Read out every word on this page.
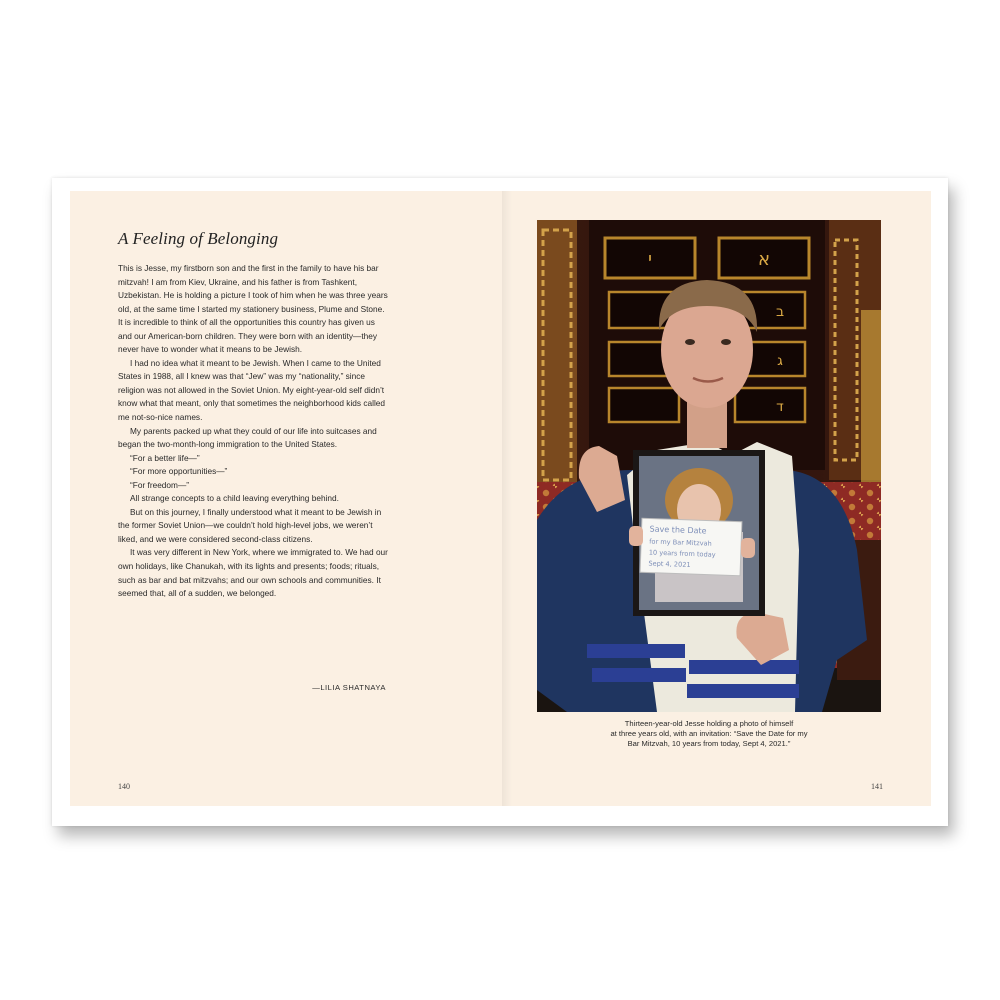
A Feeling of Belonging

This is Jesse, my firstborn son and the first in the family to have his bar mitzvah! I am from Kiev, Ukraine, and his father is from Tashkent, Uzbekistan. He is holding a picture I took of him when he was three years old, at the same time I started my stationery business, Plume and Stone. It is incredible to think of all the opportunities this country has given us and our American-born children. They were born with an identity—they never have to wonder what it means to be Jewish.

I had no idea what it meant to be Jewish. When I came to the United States in 1988, all I knew was that “Jew” was my “nationality,” since religion was not allowed in the Soviet Union. My eight-year-old self didn’t know what that meant, only that sometimes the neighborhood kids called me not-so-nice names.

My parents packed up what they could of our life into suitcases and began the two-month-long immigration to the United States.

“For a better life—”

“For more opportunities—”

“For freedom—”

All strange concepts to a child leaving everything behind.

But on this journey, I finally understood what it meant to be Jewish in the former Soviet Union—we couldn’t hold high-level jobs, we weren’t liked, and we were considered second-class citizens.

It was very different in New York, where we immigrated to. We had our own holidays, like Chanukah, with its lights and presents; foods; rituals, such as bar and bat mitzvahs; and our own schools and communities. It seemed that, all of a sudden, we belonged.

—LILIA SHATNAYA
140
י	א
ב
ג
ד
Save the Date
for my Bar Mitzvah
10 years from today
Sept 4, 2021
Thirteen-year-old Jesse holding a photo of himself
at three years old, with an invitation: “Save the Date for my
Bar Mitzvah, 10 years from today, Sept 4, 2021.”
141
